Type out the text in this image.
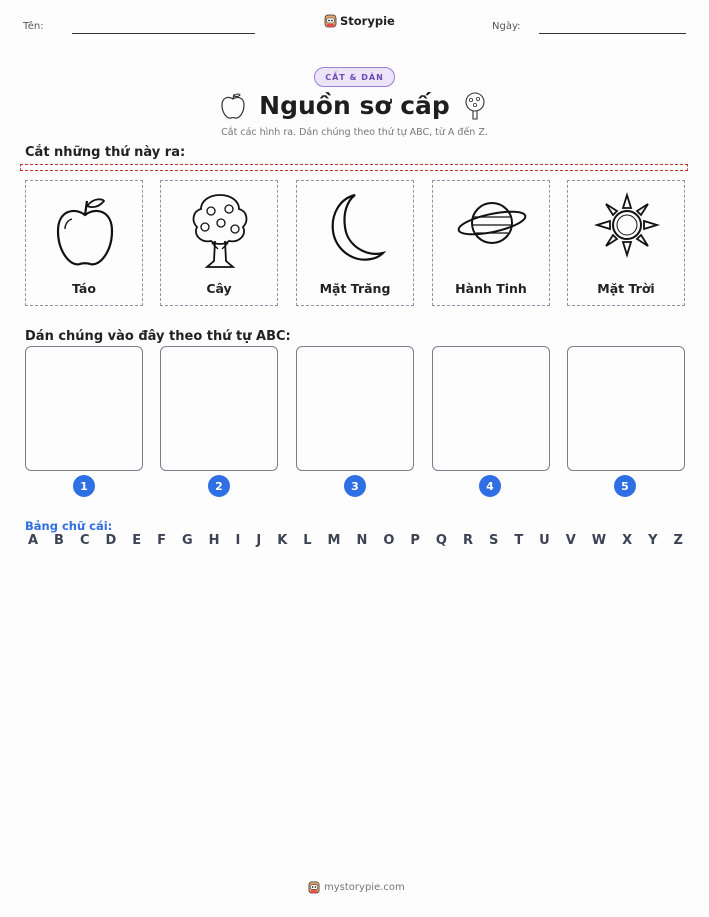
Tên:	Storypie	Ngày:
CẮT & DÁN
Nguồn sơ cấp
Cắt các hình ra. Dán chúng theo thứ tự ABC, từ A đến Z.
Cắt những thứ này ra:
Táo	Cây	Mặt Trăng	Hành Tinh	Mặt Trời
Dán chúng vào đây theo thứ tự ABC:
1	2	3	4	5
Bảng chữ cái:
A B C D E F G H I J K L M N O P Q R S T U V W X Y Z
mystorypie.com
